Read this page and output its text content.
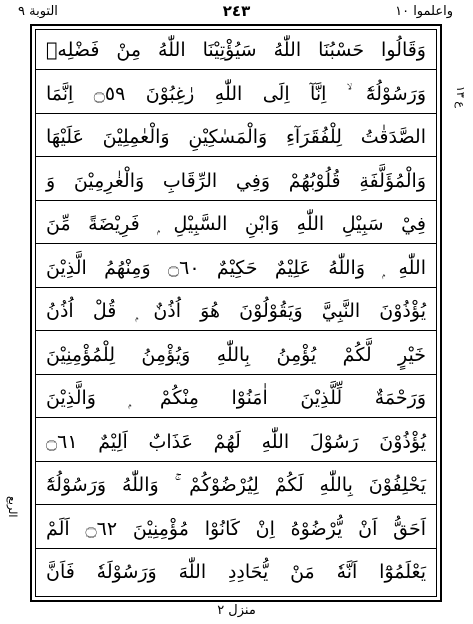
التوبة ٩	٢٤٣	واعلموا ١٠
وَقَالُوا حَسْبُنَا اللّٰهُ سَيُؤْتِيْنَا اللّٰهُ مِنْ فَضْلِهٖ
وَرَسُوْلُهٗٓ ۙ اِنَّآ اِلَى اللّٰهِ رٰغِبُوْنَ ۝٥٩ اِنَّمَا
الصَّدَقٰتُ لِلْفُقَرَآءِ وَالْمَسٰكِيْنِ وَالْعٰمِلِيْنَ عَلَيْهَا
وَالْمُؤَلَّفَةِ قُلُوْبُهُمْ وَفِي الرِّقَابِ وَالْغٰرِمِيْنَ وَ
فِيْ سَبِيْلِ اللّٰهِ وَابْنِ السَّبِيْلِ ۭ فَرِيْضَةً مِّنَ
اللّٰهِ ۭ وَاللّٰهُ عَلِيْمٌ حَكِيْمٌ ۝٦٠ وَمِنْهُمُ الَّذِيْنَ
يُؤْذُوْنَ النَّبِيَّ وَيَقُوْلُوْنَ هُوَ اُذُنٌ ۭ قُلْ اُذُنُ
خَيْرٍ لَّكُمْ يُؤْمِنُ بِاللّٰهِ وَيُؤْمِنُ لِلْمُؤْمِنِيْنَ
وَرَحْمَةٌ لِّلَّذِيْنَ اٰمَنُوْا مِنْكُمْ ۭ وَالَّذِيْنَ
يُؤْذُوْنَ رَسُوْلَ اللّٰهِ لَهُمْ عَذَابٌ اَلِيْمٌ ۝٦١
يَحْلِفُوْنَ بِاللّٰهِ لَكُمْ لِيُرْضُوْكُمْ ۚ وَاللّٰهُ وَرَسُوْلُهٗٓ
اَحَقُّ اَنْ يُّرْضُوْهُ اِنْ كَانُوْا مُؤْمِنِيْنَ ۝٦٢ اَلَمْ
يَعْلَمُوْٓا اَنَّهٗ مَنْ يُّحَادِدِ اللّٰهَ وَرَسُوْلَهٗ فَاَنَّ
ع ١٣
الربع
منزل ٢
